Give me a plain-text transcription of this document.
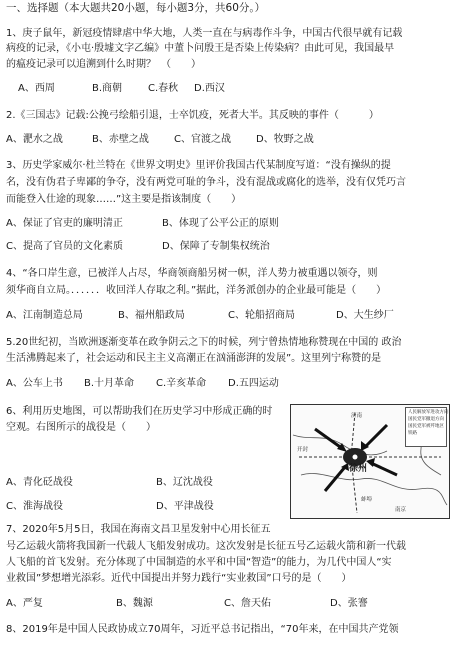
一、选择题（本大题共20小题，每小题3分，共60分。）
1、庚子鼠年，新冠疫情肆虐中华大地，人类一直在与病毒作斗争，中国古代很早就有记载
病疫的记录，《小屯·殷墟文字乙编》中董卜问殷王是否染上传染病？由此可见，我国最早
的瘟疫记录可以追溯到什么时期？　（　　）
A、西周	B.商朝	C.春秋 D.西汉
2.《三国志》记载:公挽弓绘船引退，士卒饥疫，死者大半。其反映的事件（　　　）
A、淝水之战	B、赤壁之战	C、官渡之战	D、牧野之战
3、历史学家威尔·杜兰特在《世界文明史》里评价我国古代某制度写道：“没有操纵的提
名，没有伪君子卑鄙的争夺，没有两党可耻的争斗，没有混战或腐化的选举，没有仅凭巧言
而能登入仕途的现象……”这主要是指该制度（　　）
A、保证了官吏的廉明清正	B、体现了公平公正的原则
C、提高了官员的文化素质	D、保障了专制集权统治
4、“各口岸生意，已被洋人占尽，华商领商船另树一帜，洋人势力被重遇以领夺，则
须华商自立局。．．．．．．收回洋人存取之利。”据此，洋务派创办的企业最可能是（　　）
A、江南制造总局	B、福州船政局	C、轮船招商局	D、大生纱厂
5.20世纪初，当欧洲逐渐变革在政争阴云之下的时候，列宁曾热情地称赞现在中国的 政治
生活沸腾起来了，社会运动和民主主义高潮正在汹涌澎湃的发展”。这里列宁称赞的是
A、公车上书 B.十月革命 C.辛亥革命 D.五四运动
6、利用历史地图，可以帮助我们在历史学习中形成正确的时
空观。右图所示的战役是（　　）
A、青化砭战役	B、辽沈战役
C、淮海战役	D、平津战役
徐州
济南
开封
蚌埠
南京
人民解放军进攻方向
国民党军撤退方向
国民党军被歼地区
铁路
7、2020年5月5日，我国在海南文昌卫星发射中心用长征五
号乙运载火箭将我国新一代载人飞船发射成功。这次发射是长征五号乙运载火箭和新一代载
人飞船的首飞发射。充分体现了中国制造的水平和中国“智造”的能力，为几代中国人“实
业救国”梦想增光添彩。近代中国提出并努力践行“实业救国”口号的是（　　）
A、严复	B、魏源	C、詹天佑	D、张謇
8、2019年是中国人民政协成立70周年，习近平总书记指出，“70年来，在中国共产党领
